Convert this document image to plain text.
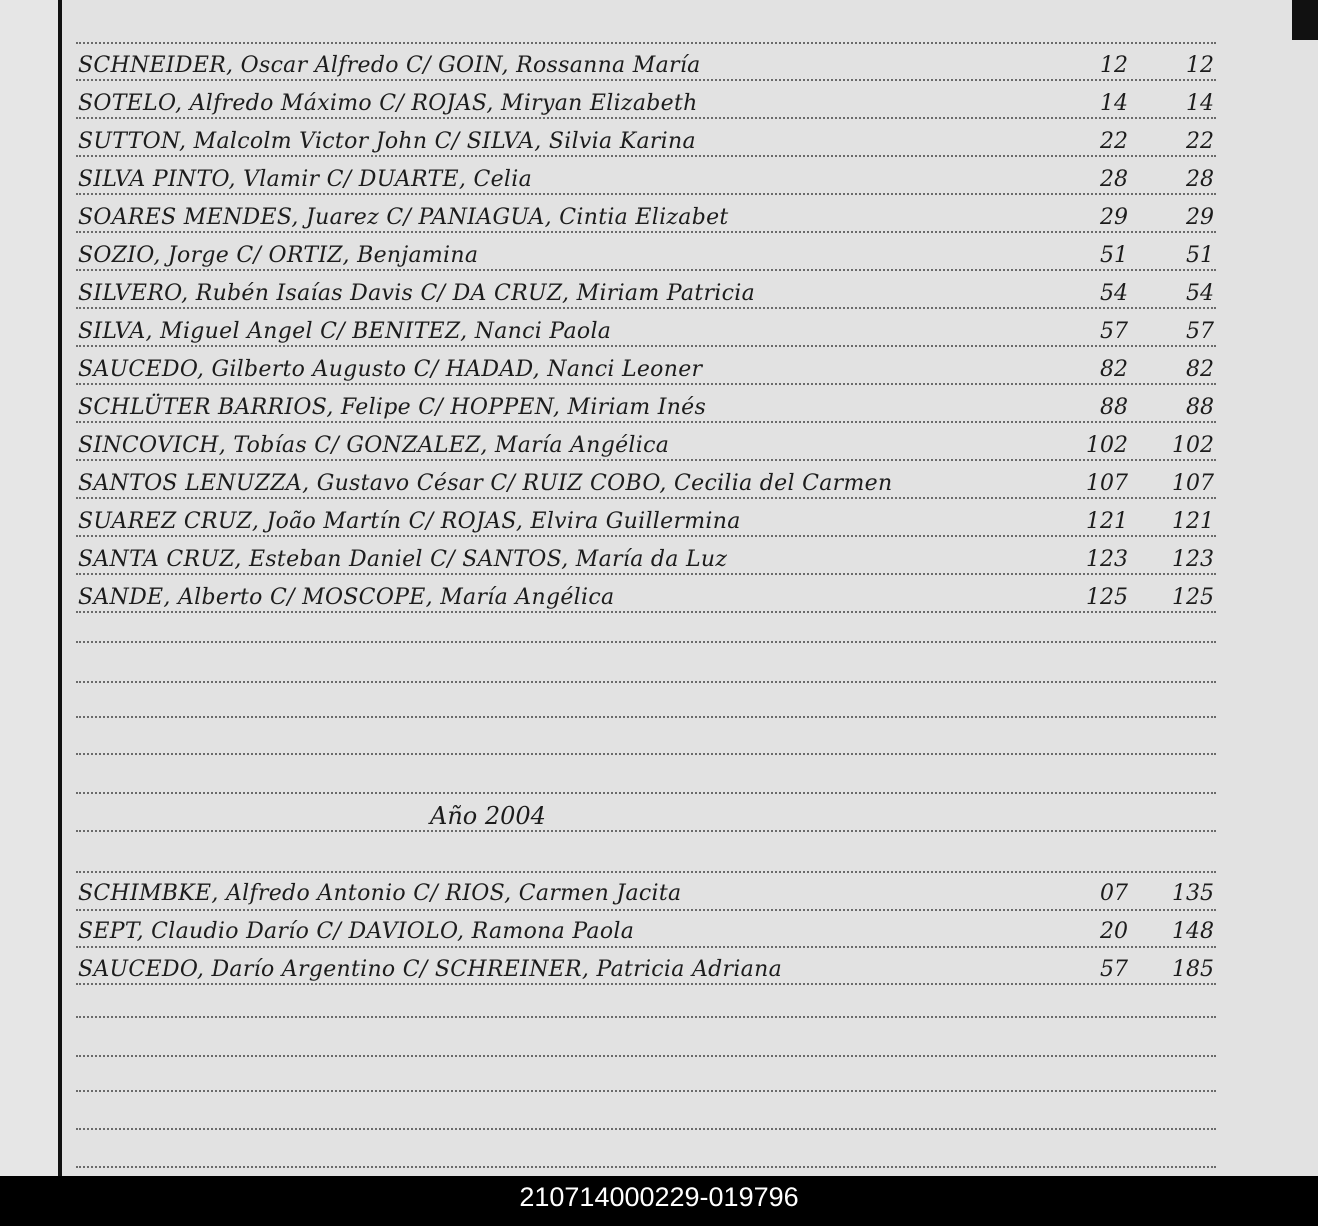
SCHNEIDER, Oscar Alfredo C/ GOIN, Rossanna María	12	12
SOTELO, Alfredo Máximo C/ ROJAS, Miryan Elizabeth	14	14
SUTTON, Malcolm Victor John C/ SILVA, Silvia Karina	22	22
SILVA PINTO, Vlamir C/ DUARTE, Celia	28	28
SOARES MENDES, Juarez C/ PANIAGUA, Cintia Elizabet	29	29
SOZIO, Jorge C/ ORTIZ, Benjamina	51	51
SILVERO, Rubén Isaías Davis C/ DA CRUZ, Miriam Patricia	54	54
SILVA, Miguel Angel C/ BENITEZ, Nanci Paola	57	57
SAUCEDO, Gilberto Augusto C/ HADAD, Nanci Leoner	82	82
SCHLÜTER BARRIOS, Felipe C/ HOPPEN, Miriam Inés	88	88
SINCOVICH, Tobías C/ GONZALEZ, María Angélica	102 102
SANTOS LENUZZA, Gustavo César C/ RUIZ COBO, Cecilia del Carmen	107 107
SUAREZ CRUZ, João Martín C/ ROJAS, Elvira Guillermina	121 121
SANTA CRUZ, Esteban Daniel C/ SANTOS, María da Luz	123 123
SANDE, Alberto C/ MOSCOPE, María Angélica	125 125
SCHIMBKE, Alfredo Antonio C/ RIOS, Carmen Jacita	07 135
SEPT, Claudio Darío C/ DAVIOLO, Ramona Paola	20 148
SAUCEDO, Darío Argentino C/ SCHREINER, Patricia Adriana	57 185
Año 2004
210714000229-019796
